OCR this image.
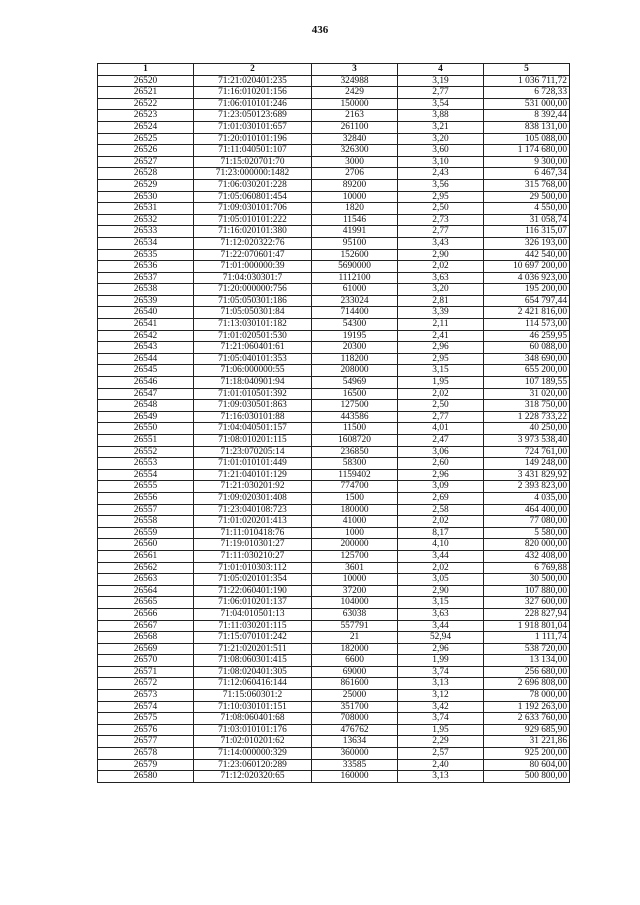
436
1	2	3	4	5
26520	71:21:020401:235	324988	3,19	1 036 711,72
26521	71:16:010201:156	2429	2,77	6 728,33
26522	71:06:010101:246	150000	3,54	531 000,00
26523	71:23:050123:689	2163	3,88	8 392,44
26524	71:01:030101:657	261100	3,21	838 131,00
26525	71:20:010101:196	32840	3,20	105 088,00
26526	71:11:040501:107	326300	3,60	1 174 680,00
26527	71:15:020701:70	3000	3,10	9 300,00
26528	71:23:000000:1482	2706	2,43	6 467,34
26529	71:06:030201:228	89200	3,56	315 768,00
26530	71:05:060801:454	10000	2,95	29 500,00
26531	71:09:030101:706	1820	2,50	4 550,00
26532	71:05:010101:222	11546	2,73	31 058,74
26533	71:16:020101:380	41991	2,77	116 315,07
26534	71:12:020322:76	95100	3,43	326 193,00
26535	71:22:070601:47	152600	2,90	442 540,00
26536	71:01:000000:39	5690000	2,02	10 697 200,00
26537	71:04:030301:7	1112100	3,63	4 036 923,00
26538	71:20:000000:756	61000	3,20	195 200,00
26539	71:05:050301:186	233024	2,81	654 797,44
26540	71:05:050301:84	714400	3,39	2 421 816,00
26541	71:13:030101:182	54300	2,11	114 573,00
26542	71:01:020501:530	19195	2,41	46 259,95
26543	71:21:060401:61	20300	2,96	60 088,00
26544	71:05:040101:353	118200	2,95	348 690,00
26545	71:06:000000:55	208000	3,15	655 200,00
26546	71:18:040901:94	54969	1,95	107 189,55
26547	71:01:010501:392	16500	2,02	31 020,00
26548	71:09:030501:863	127500	2,50	318 750,00
26549	71:16:030101:88	443586	2,77	1 228 733,22
26550	71:04:040501:157	11500	4,01	40 250,00
26551	71:08:010201:115	1608720	2,47	3 973 538,40
26552	71:23:070205:14	236850	3,06	724 761,00
26553	71:01:010101:449	58300	2,60	149 248,00
26554	71:21:040101:129	1159402	2,96	3 431 829,92
26555	71:21:030201:92	774700	3,09	2 393 823,00
26556	71:09:020301:408	1500	2,69	4 035,00
26557	71:23:040108:723	180000	2,58	464 400,00
26558	71:01:020201:413	41000	2,02	77 080,00
26559	71:11:010418:76	1000	8,17	5 580,00
26560	71:19:010301:27	200000	4,10	820 000,00
26561	71:11:030210:27	125700	3,44	432 408,00
26562	71:01:010303:112	3601	2,02	6 769,88
26563	71:05:020101:354	10000	3,05	30 500,00
26564	71:22:060401:190	37200	2,90	107 880,00
26565	71:06:010201:137	104000	3,15	327 600,00
26566	71:04:010501:13	63038	3,63	228 827,94
26567	71:11:030201:115	557791	3,44	1 918 801,04
26568	71:15:070101:242	21	52,94	1 111,74
26569	71:21:020201:511	182000	2,96	538 720,00
26570	71:08:060301:415	6600	1,99	13 134,00
26571	71:08:020401:305	69000	3,74	256 680,00
26572	71:12:060416:144	861600	3,13	2 696 808,00
26573	71:15:060301:2	25000	3,12	78 000,00
26574	71:10:030101:151	351700	3,42	1 192 263,00
26575	71:08:060401:68	708000	3,74	2 633 760,00
26576	71:03:010101:176	476762	1,95	929 685,90
26577	71:02:010201:62	13634	2,29	31 221,86
26578	71:14:000000:329	360000	2,57	925 200,00
26579	71:23:060120:289	33585	2,40	80 604,00
26580	71:12:020320:65	160000	3,13	500 800,00
